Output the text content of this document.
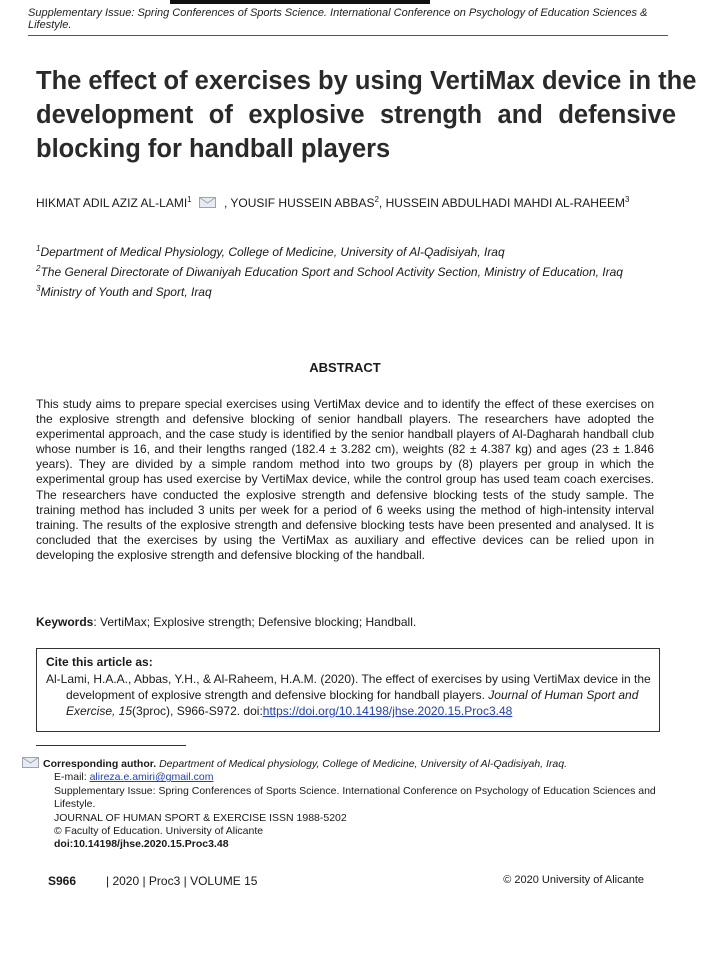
Supplementary Issue: Spring Conferences of Sports Science. International Conference on Psychology of Education Sciences & Lifestyle.
The effect of exercises by using VertiMax device in the
development of explosive strength and defensive
blocking for handball players
HIKMAT ADIL AZIZ AL-LAMI$^1$	, YOUSIF HUSSEIN ABBAS$^2$, HUSSEIN ABDULHADI MAHDI AL-RAHEEM$^3$

$^1$Department of Medical Physiology, College of Medicine, University of Al-Qadisiyah, Iraq

$^2$The General Directorate of Diwaniyah Education Sport and School Activity Section, Ministry of Education, Iraq

$^3$Ministry of Youth and Sport, Iraq

ABSTRACT

This study aims to prepare special exercises using VertiMax device and to identify the effect of these exercises on the explosive strength and defensive blocking of senior handball players. The researchers have adopted the experimental approach, and the case study is identified by the senior handball players of Al-Dagharah handball club whose number is 16, and their lengths ranged (182.4 ± 3.282 cm), weights (82 ± 4.387 kg) and ages (23 ± 1.846 years). They are divided by a simple random method into two groups by (8) players per group in which the experimental group has used exercise by VertiMax device, while the control group has used team coach exercises. The researchers have conducted the explosive strength and defensive blocking tests of the study sample. The training method has included 3 units per week for a period of 6 weeks using the method of high-intensity interval training. The results of the explosive strength and defensive blocking tests have been presented and analysed. It is concluded that the exercises by using the VertiMax as auxiliary and effective devices can be relied upon in developing the explosive strength and defensive blocking of the handball.

Keywords: VertiMax; Explosive strength; Defensive blocking; Handball.
Cite this article as:
Al-Lami, H.A.A., Abbas, Y.H., & Al-Raheem, H.A.M. (2020). The effect of exercises by using VertiMax device in the development of explosive strength and defensive blocking for handball players. Journal of Human Sport and Exercise, 15(3proc), S966-S972. doi:https://doi.org/10.14198/jhse.2020.15.Proc3.48

Corresponding author. Department of Medical physiology, College of Medicine, University of Al-Qadisiyah, Iraq.

E-mail: alireza.e.amiri@gmail.com

Supplementary Issue: Spring Conferences of Sports Science. International Conference on Psychology of Education Sciences and Lifestyle.

JOURNAL OF HUMAN SPORT & EXERCISE ISSN 1988-5202

© Faculty of Education. University of Alicante

doi:10.14198/jhse.2020.15.Proc3.48

S966 | 2020 | Proc3 | VOLUME 15	© 2020 University of Alicante
